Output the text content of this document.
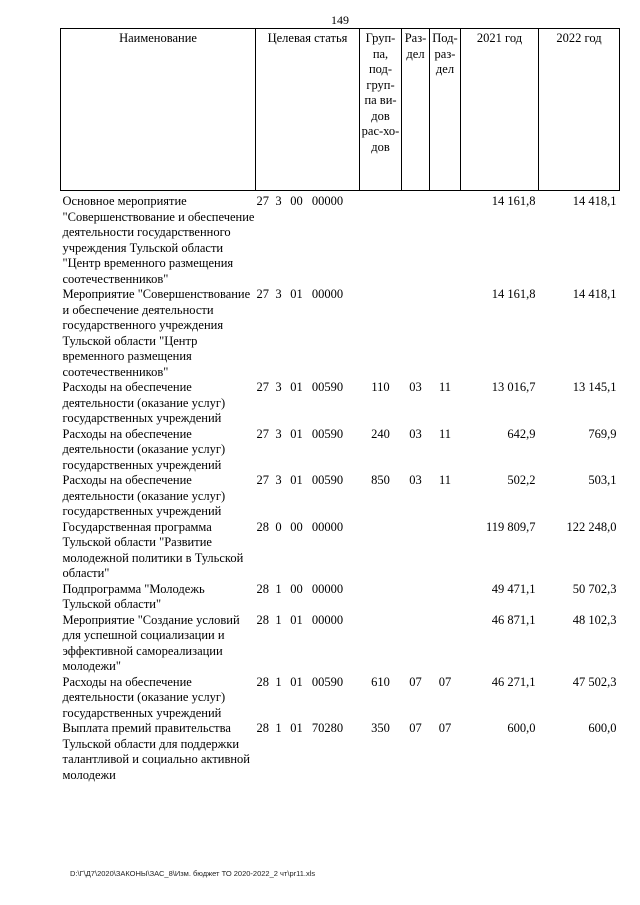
149
Наименование	Целевая статья	Груп-па, под-груп-па ви-дов рас-хо-дов	Раз-дел	Под-раз-дел	2021 год	2022 год
Основное мероприятие "Совершенствование и обеспечение деятельности государственного учреждения Тульской области "Центр временного размещения соотечественников"	27 3 00 00000				14 161,8	14 418,1
Мероприятие "Совершенствование и обеспечение деятельности государственного учреждения Тульской области "Центр временного размещения соотечественников"	27 3 01 00000				14 161,8	14 418,1
Расходы на обеспечение деятельности (оказание услуг) государственных учреждений	27 3 01 00590	110	03	11	13 016,7	13 145,1
Расходы на обеспечение деятельности (оказание услуг) государственных учреждений	27 3 01 00590	240	03	11	642,9	769,9
Расходы на обеспечение деятельности (оказание услуг) государственных учреждений	27 3 01 00590	850	03	11	502,2	503,1
Государственная программа Тульской области "Развитие молодежной политики в Тульской области"	28 0 00 00000				119 809,7	122 248,0
Подпрограмма "Молодежь Тульской области"	28 1 00 00000				49 471,1	50 702,3
Мероприятие "Создание условий для успешной социализации и эффективной самореализации молодежи"	28 1 01 00000				46 871,1	48 102,3
Расходы на обеспечение деятельности (оказание услуг) государственных учреждений	28 1 01 00590	610	07	07	46 271,1	47 502,3
Выплата премий правительства Тульской области для поддержки талантливой и социально активной молодежи	28 1 01 70280	350	07	07	600,0	600,0
D:\Г\Д7\2020\ЗАКОНЫ\ЗАС_8\Изм. бюджет ТО 2020-2022_2 чт\pr11.xls
